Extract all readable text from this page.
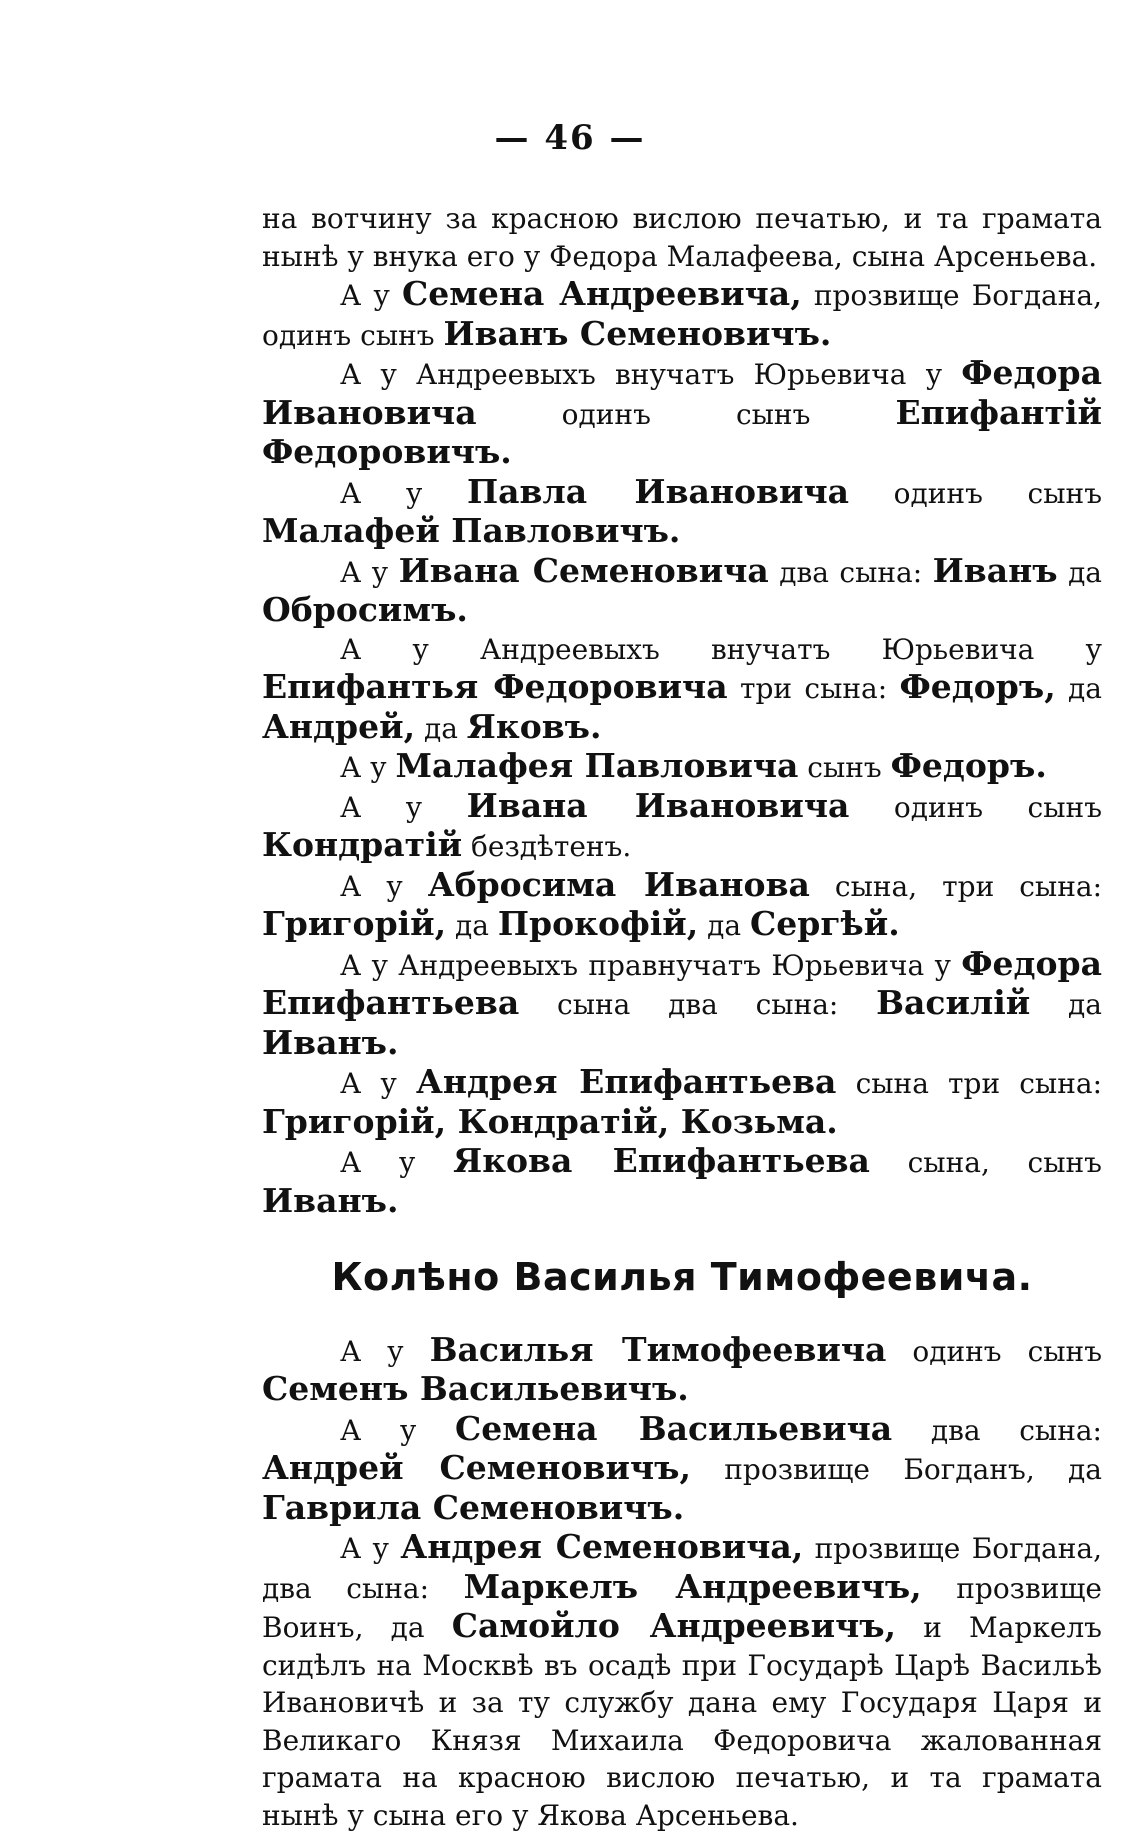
— 46 —

на вотчину за красною вислою печатью, и та грамата нынѣ у внука его у Федора Малафеева, сына Арсеньева.

А у Семена Андреевича, прозвище Богдана, одинъ сынъ Иванъ Семеновичъ.

А у Андреевыхъ внучатъ Юрьевича у Федора Ивановича одинъ сынъ Епифантій Федоровичъ.

А у Павла Ивановича одинъ сынъ Малафей Павловичъ.

А у Ивана Семеновича два сына: Иванъ да Обросимъ.

А у Андреевыхъ внучатъ Юрьевича у Епифантья Федоровича три сына: Федоръ, да Андрей, да Яковъ.

А у Малафея Павловича сынъ Федоръ.

А у Ивана Ивановича одинъ сынъ Кондратій бездѣтенъ.

А у Абросима Иванова сына, три сына: Григорій, да Прокофій, да Сергѣй.

А у Андреевыхъ правнучатъ Юрьевича у Федора Епифантьева сына два сына: Василій да Иванъ.

А у Андрея Епифантьева сына три сына: Григорій, Кондратій, Козьма.

А у Якова Епифантьева сына, сынъ Иванъ.

Колѣно Василья Тимофеевича.

А у Василья Тимофеевича одинъ сынъ Семенъ Васильевичъ.

А у Семена Васильевича два сына: Андрей Семеновичъ, прозвище Богданъ, да Гаврила Семеновичъ.

А у Андрея Семеновича, прозвище Богдана, два сына: Маркелъ Андреевичъ, прозвище Воинъ, да Самойло Андреевичъ, и Маркелъ сидѣлъ на Москвѣ въ осадѣ при Государѣ Царѣ Васильѣ Ивановичѣ и за ту службу дана ему Государя Царя и Великаго Князя Михаила Федоровича жалованная грамата на красною вислою печатью, и та грамата нынѣ у сына его у Якова Арсеньева.
